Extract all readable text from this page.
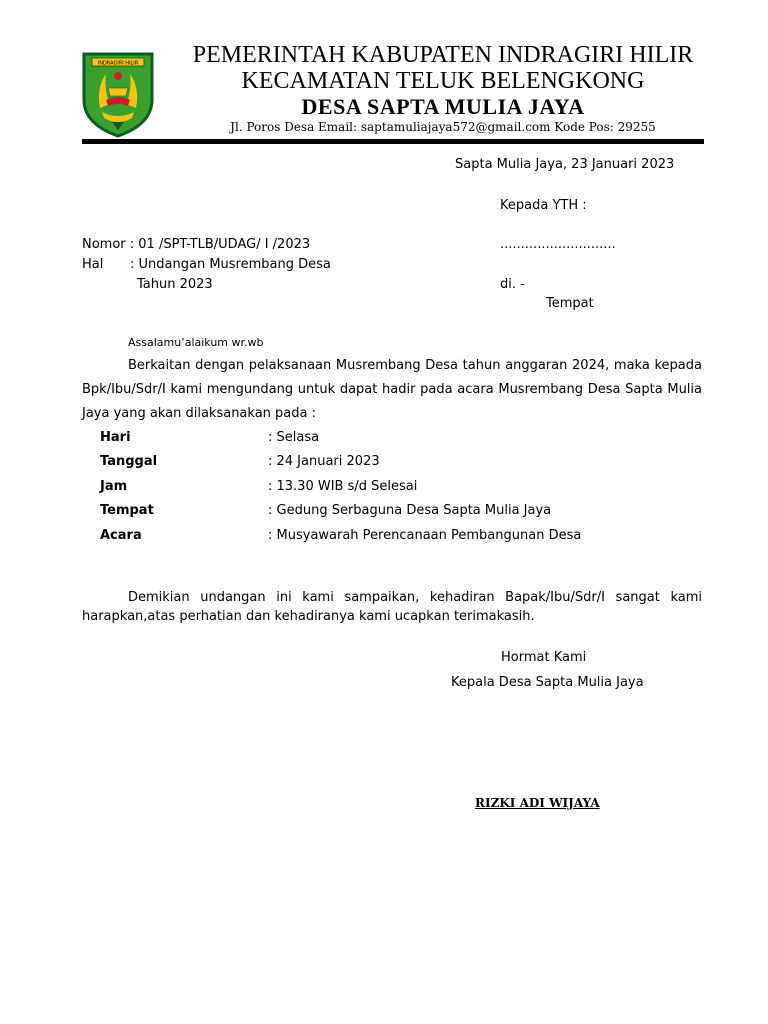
INDRAGIRI HILIR	PEMERINTAH KABUPATEN INDRAGIRI HILIR
KECAMATAN TELUK BELENGKONG
DESA SAPTA MULIA JAYA
Jl. Poros Desa Email: saptamuliajaya572@gmail.com Kode Pos: 29255
Sapta Mulia Jaya, 23 Januari 2023
Kepada YTH :
............................
di. -
Tempat
Nomor : 01 /SPT-TLB/UDAG/ I /2023
Hal : Undangan Musrembang Desa
Tahun 2023
Assalamu’alaikum wr.wb
Berkaitan dengan pelaksanaan Musrembang Desa tahun anggaran 2024, maka kepada Bpk/Ibu/Sdr/I kami mengundang untuk dapat hadir pada acara Musrembang Desa Sapta Mulia Jaya yang akan dilaksanakan pada :
Hari	: Selasa
Tanggal	: 24 Januari 2023
Jam	: 13.30 WIB s/d Selesai
Tempat	: Gedung Serbaguna Desa Sapta Mulia Jaya
Acara	: Musyawarah Perencanaan Pembangunan Desa
Demikian undangan ini kami sampaikan, kehadiran Bapak/Ibu/Sdr/I sangat kami harapkan,atas perhatian dan kehadiranya kami ucapkan terimakasih.
Hormat Kami
Kepala Desa Sapta Mulia Jaya
RIZKI ADI WIJAYA
